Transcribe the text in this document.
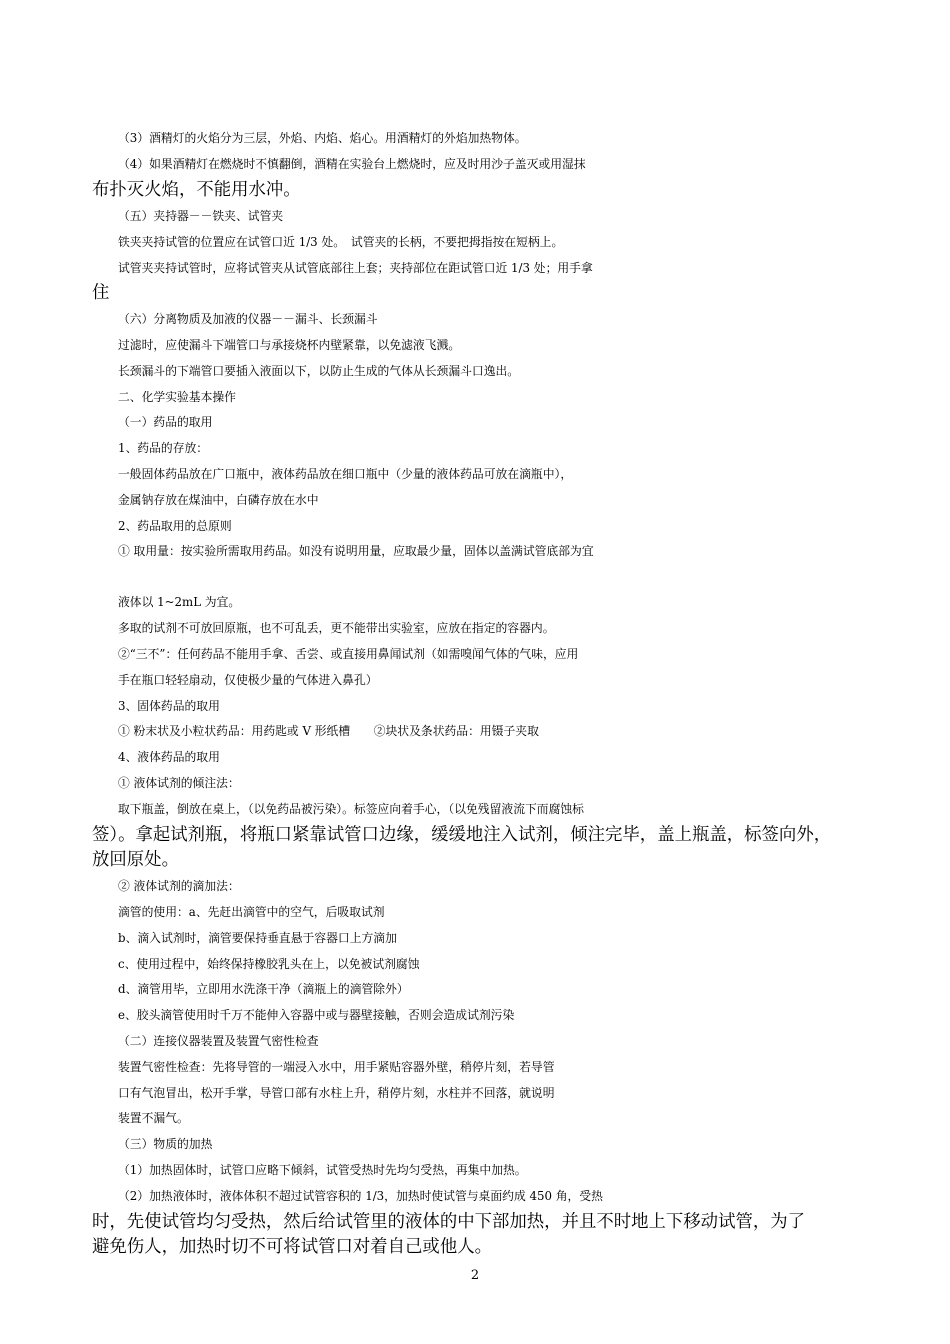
（3）酒精灯的火焰分为三层，外焰、内焰、焰心。用酒精灯的外焰加热物体。
（4）如果酒精灯在燃烧时不慎翻倒，酒精在实验台上燃烧时，应及时用沙子盖灭或用湿抹
布扑灭火焰，不能用水冲。
（五）夹持器－－铁夹、试管夹
铁夹夹持试管的位置应在试管口近 1/3 处。　试管夹的长柄，不要把拇指按在短柄上。
试管夹夹持试管时，应将试管夹从试管底部往上套；夹持部位在距试管口近 1/3 处；用手拿
住
（六）分离物质及加液的仪器－－漏斗、长颈漏斗
过滤时，应使漏斗下端管口与承接烧杯内壁紧靠，以免滤液飞溅。
长颈漏斗的下端管口要插入液面以下，以防止生成的气体从长颈漏斗口逸出。
二、化学实验基本操作
（一）药品的取用
1、药品的存放：
一般固体药品放在广口瓶中，液体药品放在细口瓶中（少量的液体药品可放在滴瓶中），
金属钠存放在煤油中，白磷存放在水中
2、药品取用的总原则
① 取用量：按实验所需取用药品。如没有说明用量，应取最少量，固体以盖满试管底部为宜
液体以 1~2mL 为宜。
多取的试剂不可放回原瓶，也不可乱丢，更不能带出实验室，应放在指定的容器内。
②“三不”：任何药品不能用手拿、舌尝、或直接用鼻闻试剂（如需嗅闻气体的气味，应用
手在瓶口轻轻扇动，仅使极少量的气体进入鼻孔）
3、固体药品的取用
① 粉末状及小粒状药品：用药匙或 V 形纸槽　　②块状及条状药品：用镊子夹取
4、液体药品的取用
① 液体试剂的倾注法：
取下瓶盖，倒放在桌上，（以免药品被污染）。标签应向着手心，（以免残留液流下而腐蚀标
签）。拿起试剂瓶，将瓶口紧靠试管口边缘，缓缓地注入试剂，倾注完毕，盖上瓶盖，标签向外，
放回原处。
② 液体试剂的滴加法：
滴管的使用：a、先赶出滴管中的空气，后吸取试剂
b、滴入试剂时，滴管要保持垂直悬于容器口上方滴加
c、使用过程中，始终保持橡胶乳头在上，以免被试剂腐蚀
d、滴管用毕，立即用水洗涤干净（滴瓶上的滴管除外）
e、胶头滴管使用时千万不能伸入容器中或与器壁接触，否则会造成试剂污染
（二）连接仪器装置及装置气密性检查
装置气密性检查：先将导管的一端浸入水中，用手紧贴容器外壁，稍停片刻，若导管
口有气泡冒出，松开手掌，导管口部有水柱上升，稍停片刻，水柱并不回落，就说明
装置不漏气。
（三）物质的加热
（1）加热固体时，试管口应略下倾斜，试管受热时先均匀受热，再集中加热。
（2）加热液体时，液体体积不超过试管容积的 1/3，加热时使试管与桌面约成 450 角，受热
时，先使试管均匀受热，然后给试管里的液体的中下部加热，并且不时地上下移动试管，为了
避免伤人，加热时切不可将试管口对着自己或他人。
2
